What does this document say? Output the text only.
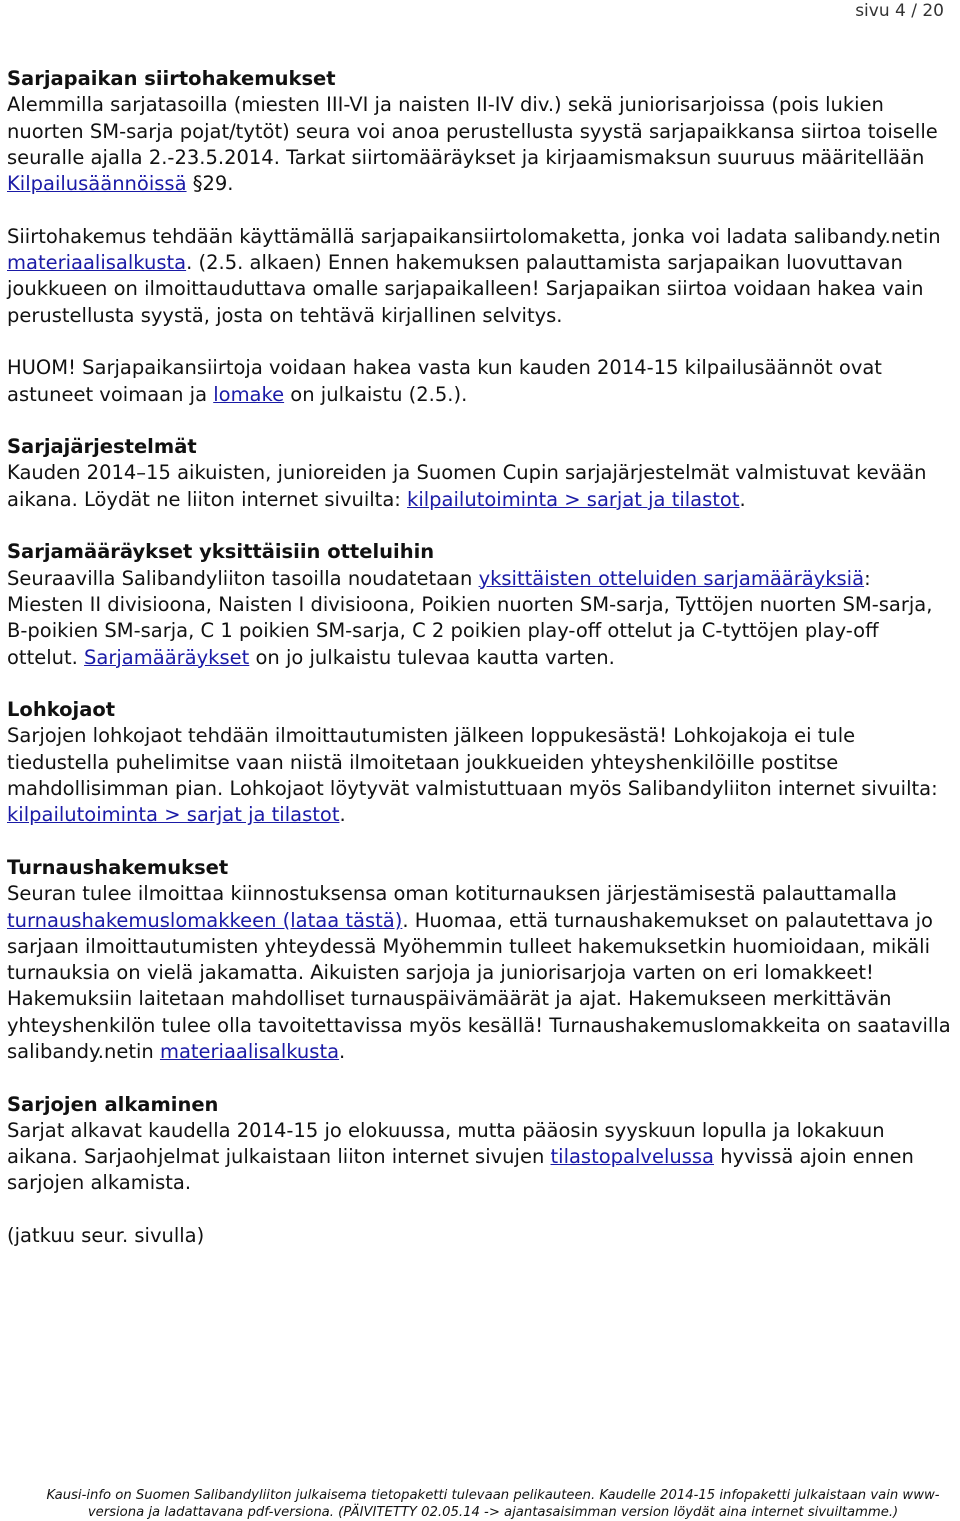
sivu 4 / 20
Sarjapaikan siirtohakemukset

Alemmilla sarjatasoilla (miesten III-VI ja naisten II-IV div.) sekä juniorisarjoissa (pois lukien nuorten SM-sarja pojat/tytöt) seura voi anoa perustellusta syystä sarjapaikkansa siirtoa toiselle seuralle ajalla 2.-23.5.2014. Tarkat siirtomääräykset ja kirjaamismaksun suuruus määritellään Kilpailusäännöissä §29.

Siirtohakemus tehdään käyttämällä sarjapaikansiirtolomaketta, jonka voi ladata salibandy.netin materiaalisalkusta. (2.5. alkaen) Ennen hakemuksen palauttamista sarjapaikan luovuttavan joukkueen on ilmoittauduttava omalle sarjapaikalleen! Sarjapaikan siirtoa voidaan hakea vain perustellusta syystä, josta on tehtävä kirjallinen selvitys.

HUOM! Sarjapaikansiirtoja voidaan hakea vasta kun kauden 2014-15 kilpailusäännöt ovat astuneet voimaan ja lomake on julkaistu (2.5.).

Sarjajärjestelmät

Kauden 2014–15 aikuisten, junioreiden ja Suomen Cupin sarjajärjestelmät valmistuvat kevään aikana. Löydät ne liiton internet sivuilta: kilpailutoiminta > sarjat ja tilastot.

Sarjamääräykset yksittäisiin otteluihin

Seuraavilla Salibandyliiton tasoilla noudatetaan yksittäisten otteluiden sarjamääräyksiä: Miesten II divisioona, Naisten I divisioona, Poikien nuorten SM-sarja, Tyttöjen nuorten SM-sarja, B-poikien SM-sarja, C 1 poikien SM-sarja, C 2 poikien play-off ottelut ja C-tyttöjen play-off ottelut. Sarjamääräykset on jo julkaistu tulevaa kautta varten.

Lohkojaot

Sarjojen lohkojaot tehdään ilmoittautumisten jälkeen loppukesästä! Lohkojakoja ei tule tiedustella puhelimitse vaan niistä ilmoitetaan joukkueiden yhteyshenkilöille postitse mahdollisimman pian. Lohkojaot löytyvät valmistuttuaan myös Salibandyliiton internet sivuilta: kilpailutoiminta > sarjat ja tilastot.

Turnaushakemukset

Seuran tulee ilmoittaa kiinnostuksensa oman kotiturnauksen järjestämisestä palauttamalla turnaushakemuslomakkeen (lataa tästä). Huomaa, että turnaushakemukset on palautettava jo sarjaan ilmoittautumisten yhteydessä Myöhemmin tulleet hakemuksetkin huomioidaan, mikäli turnauksia on vielä jakamatta. Aikuisten sarjoja ja juniorisarjoja varten on eri lomakkeet! Hakemuksiin laitetaan mahdolliset turnauspäivämäärät ja ajat. Hakemukseen merkittävän yhteyshenkilön tulee olla tavoitettavissa myös kesällä! Turnaushakemuslomakkeita on saatavilla salibandy.netin materiaalisalkusta.

Sarjojen alkaminen

Sarjat alkavat kaudella 2014-15 jo elokuussa, mutta pääosin syyskuun lopulla ja lokakuun aikana. Sarjaohjelmat julkaistaan liiton internet sivujen tilastopalvelussa hyvissä ajoin ennen sarjojen alkamista.

(jatkuu seur. sivulla)

Kausi-info on Suomen Salibandyliiton julkaisema tietopaketti tulevaan pelikauteen. Kaudelle 2014-15 infopaketti julkaistaan vain www-versiona ja ladattavana pdf-versiona. (PÄIVITETTY 02.05.14 -> ajantasaisimman version löydät aina internet sivuiltamme.)
